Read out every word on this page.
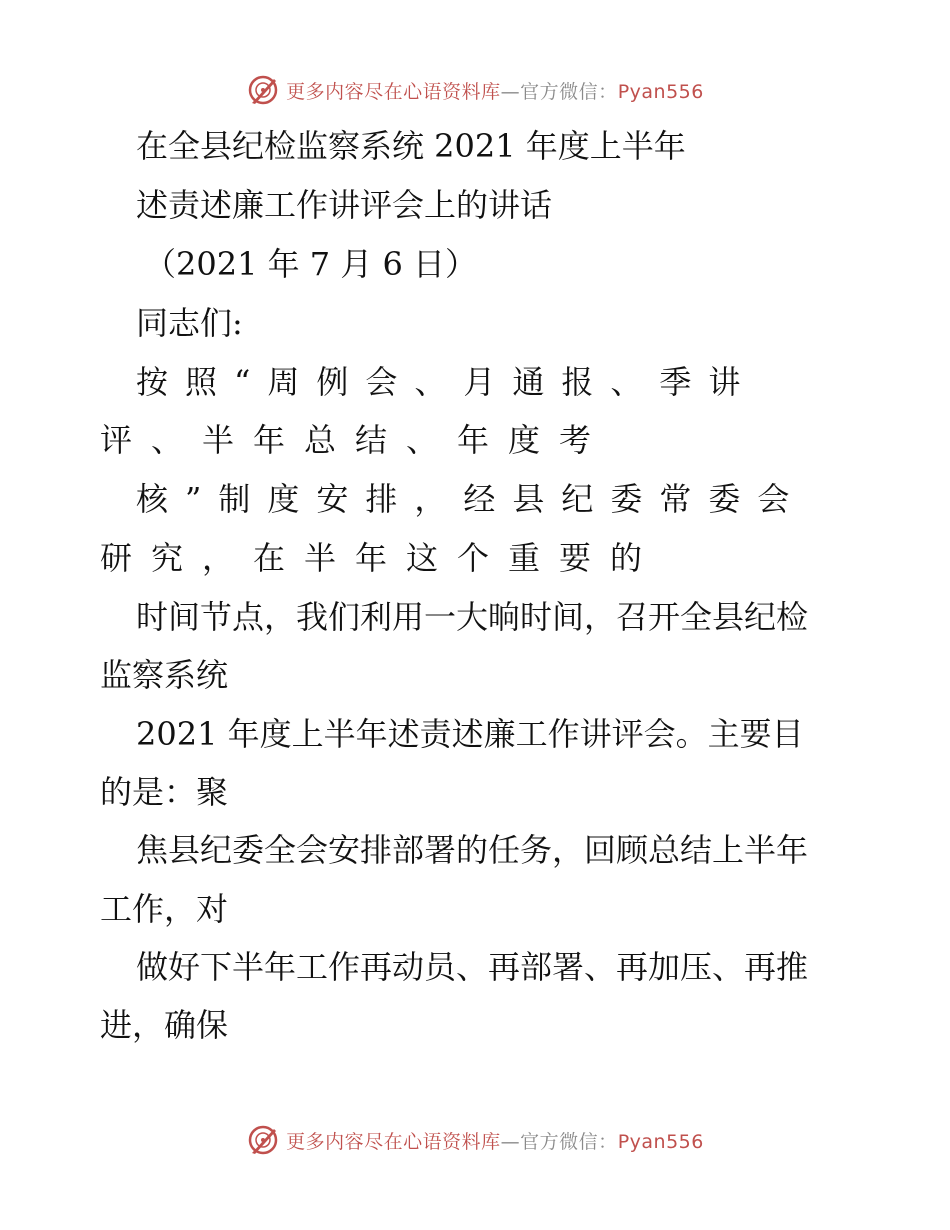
更多内容尽在心语资料库—官方微信：Pyan556
在全县纪检监察系统 2021 年度上半年
述责述廉工作讲评会上的讲话
（2021 年 7 月 6 日）
同志们:
按照“周例会、月通报、季讲
评、半年总结、年度考
核”制度安排，经县纪委常委会
研究，在半年这个重要的
时间节点，我们利用一大晌时间，召开全县纪检
监察系统
2021 年度上半年述责述廉工作讲评会。主要目
的是：聚
焦县纪委全会安排部署的任务，回顾总结上半年
工作，对
做好下半年工作再动员、再部署、再加压、再推
进，确保
更多内容尽在心语资料库—官方微信：Pyan556
